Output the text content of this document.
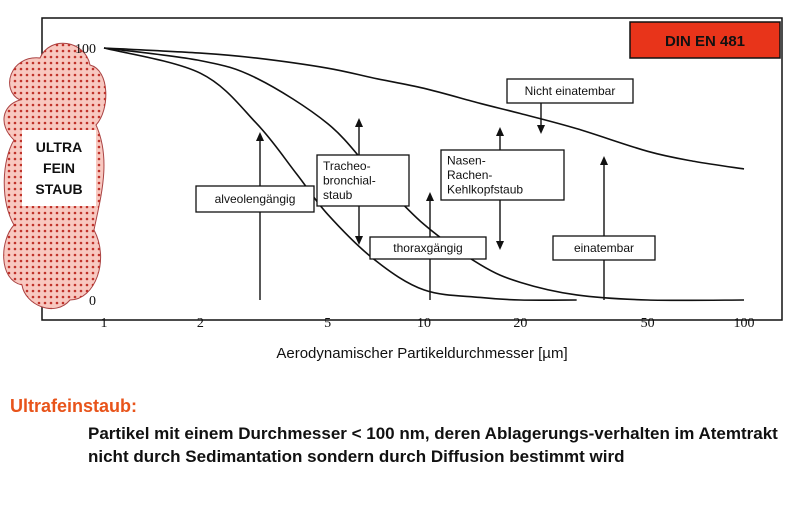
DIN EN 481
ULTRA
FEIN
STAUB
Nicht einatembar
alveolengängig
Tracheo-
bronchial-
staub
thoraxgängig
Nasen-
Rachen-
Kehlkopfstaub
einatembar
1	2	5	10	20	50	100
100
0
Aerodynamischer Partikeldurchmesser [µm]
Ultrafeinstaub:

Partikel mit einem Durchmesser < 100 nm, deren Ablagerungs-verhalten im Atemtrakt nicht durch Sedimantation sondern durch Diffusion bestimmt wird
